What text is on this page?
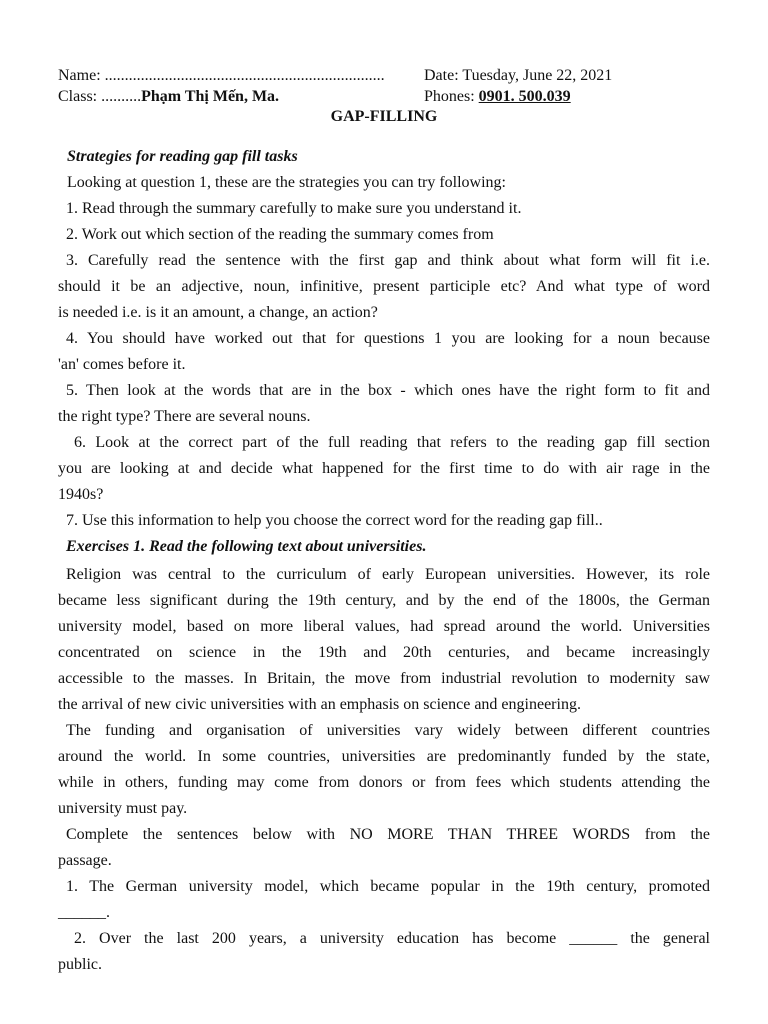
Name: ...................................................................... Date: Tuesday, June 22, 2021
Class: ..........Phạm Thị Mến, Ma.	Phones: 0901. 500.039
GAP-FILLING
Strategies for reading gap fill tasks
Looking at question 1, these are the strategies you can try following:
1. Read through the summary carefully to make sure you understand it.
2. Work out which section of the reading the summary comes from
3. Carefully read the sentence with the first gap and think about what form will fit i.e.
should it be an adjective, noun, infinitive, present participle etc? And what type of word
is needed i.e. is it an amount, a change, an action?
4. You should have worked out that for questions 1 you are looking for a noun because
'an' comes before it.
5. Then look at the words that are in the box - which ones have the right form to fit and
the right type? There are several nouns.
6. Look at the correct part of the full reading that refers to the reading gap fill section
you are looking at and decide what happened for the first time to do with air rage in the
1940s?
7. Use this information to help you choose the correct word for the reading gap fill..
Exercises 1. Read the following text about universities.
Religion was central to the curriculum of early European universities. However, its role
became less significant during the 19th century, and by the end of the 1800s, the German
university model, based on more liberal values, had spread around the world. Universities
concentrated on science in the 19th and 20th centuries, and became increasingly
accessible to the masses. In Britain, the move from industrial revolution to modernity saw
the arrival of new civic universities with an emphasis on science and engineering.
The funding and organisation of universities vary widely between different countries
around the world. In some countries, universities are predominantly funded by the state,
while in others, funding may come from donors or from fees which students attending the
university must pay.
Complete the sentences below with NO MORE THAN THREE WORDS from the
passage.
1. The German university model, which became popular in the 19th century, promoted
______.
2. Over the last 200 years, a university education has become ______ the general
public.
